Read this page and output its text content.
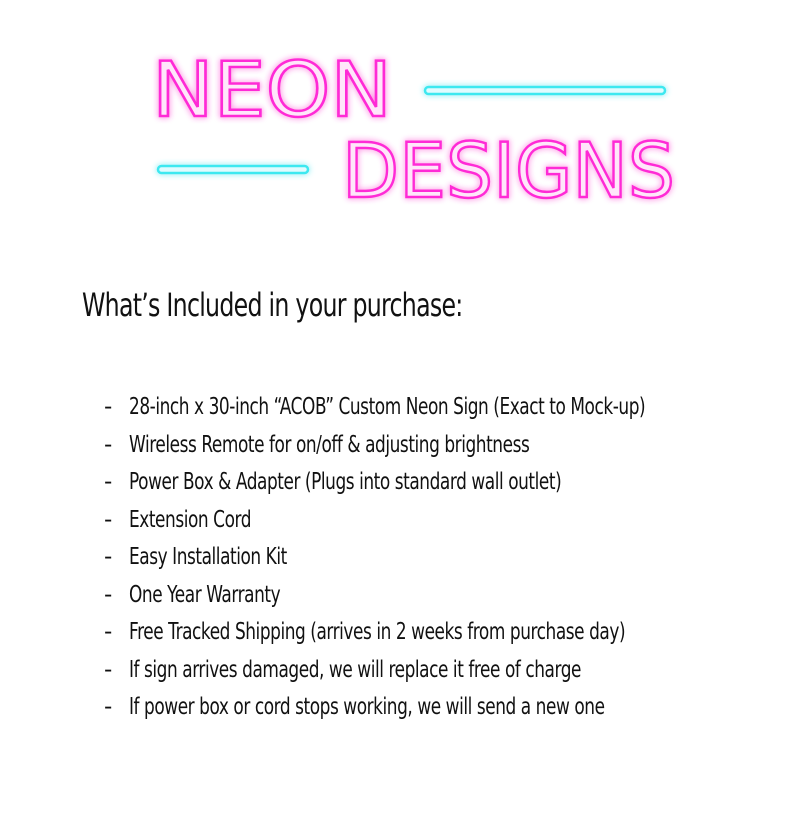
NEON
DESIGNS
What’s Included in your purchase:
- 28-inch x 30-inch “ACOB” Custom Neon Sign (Exact to Mock-up)
- Wireless Remote for on/off & adjusting brightness
- Power Box & Adapter (Plugs into standard wall outlet)
- Extension Cord
- Easy Installation Kit
- One Year Warranty
- Free Tracked Shipping (arrives in 2 weeks from purchase day)
- If sign arrives damaged, we will replace it free of charge
- If power box or cord stops working, we will send a new one
